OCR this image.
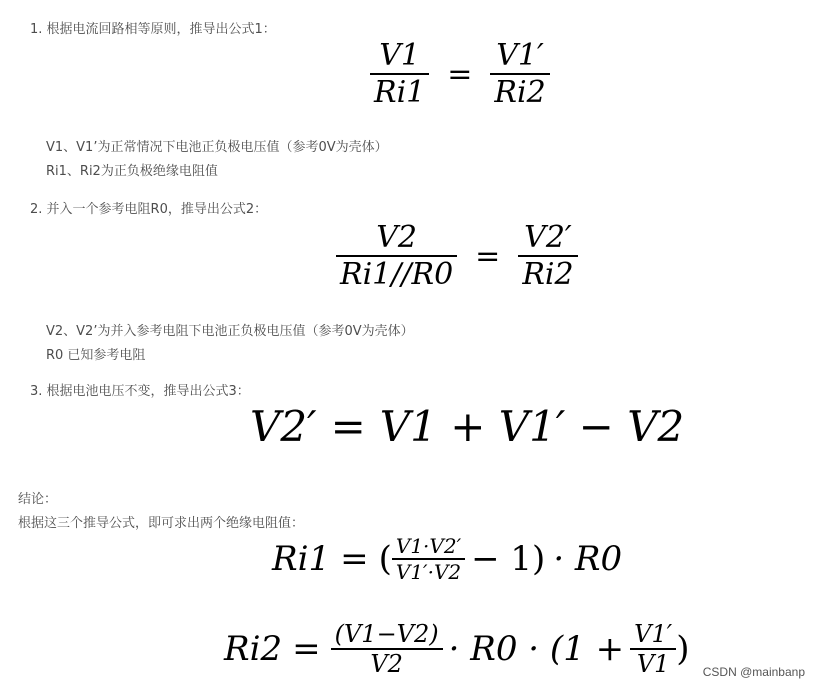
1. 根据电流回路相等原则，推导出公式1：
$\frac{V1}{Ri1} = \frac{V1'}{Ri2}$
V1、V1’为正常情况下电池正负极电压值（参考0V为壳体）
Ri1、Ri2为正负极绝缘电阻值
2. 并入一个参考电阻R0，推导出公式2：
$\frac{V2}{Ri1//R0} = \frac{V2'}{Ri2}$
V2、V2’为并入参考电阻下电池正负极电压值（参考0V为壳体）
R0 已知参考电阻
3. 根据电池电压不变，推导出公式3：
V2′ = V1 + V1′ − V2
结论：
根据这三个推导公式，即可求出两个绝缘电阻值：
Ri1 = ( $\frac{V1\cdot V2'}{V1'\cdot V2} - 1) \cdot R0$
$Ri2 = \frac{(V1-V2)}{V2} \cdot R0 \cdot (1 + \frac{V1'}{V1}$ )
CSDN @mainbanp
